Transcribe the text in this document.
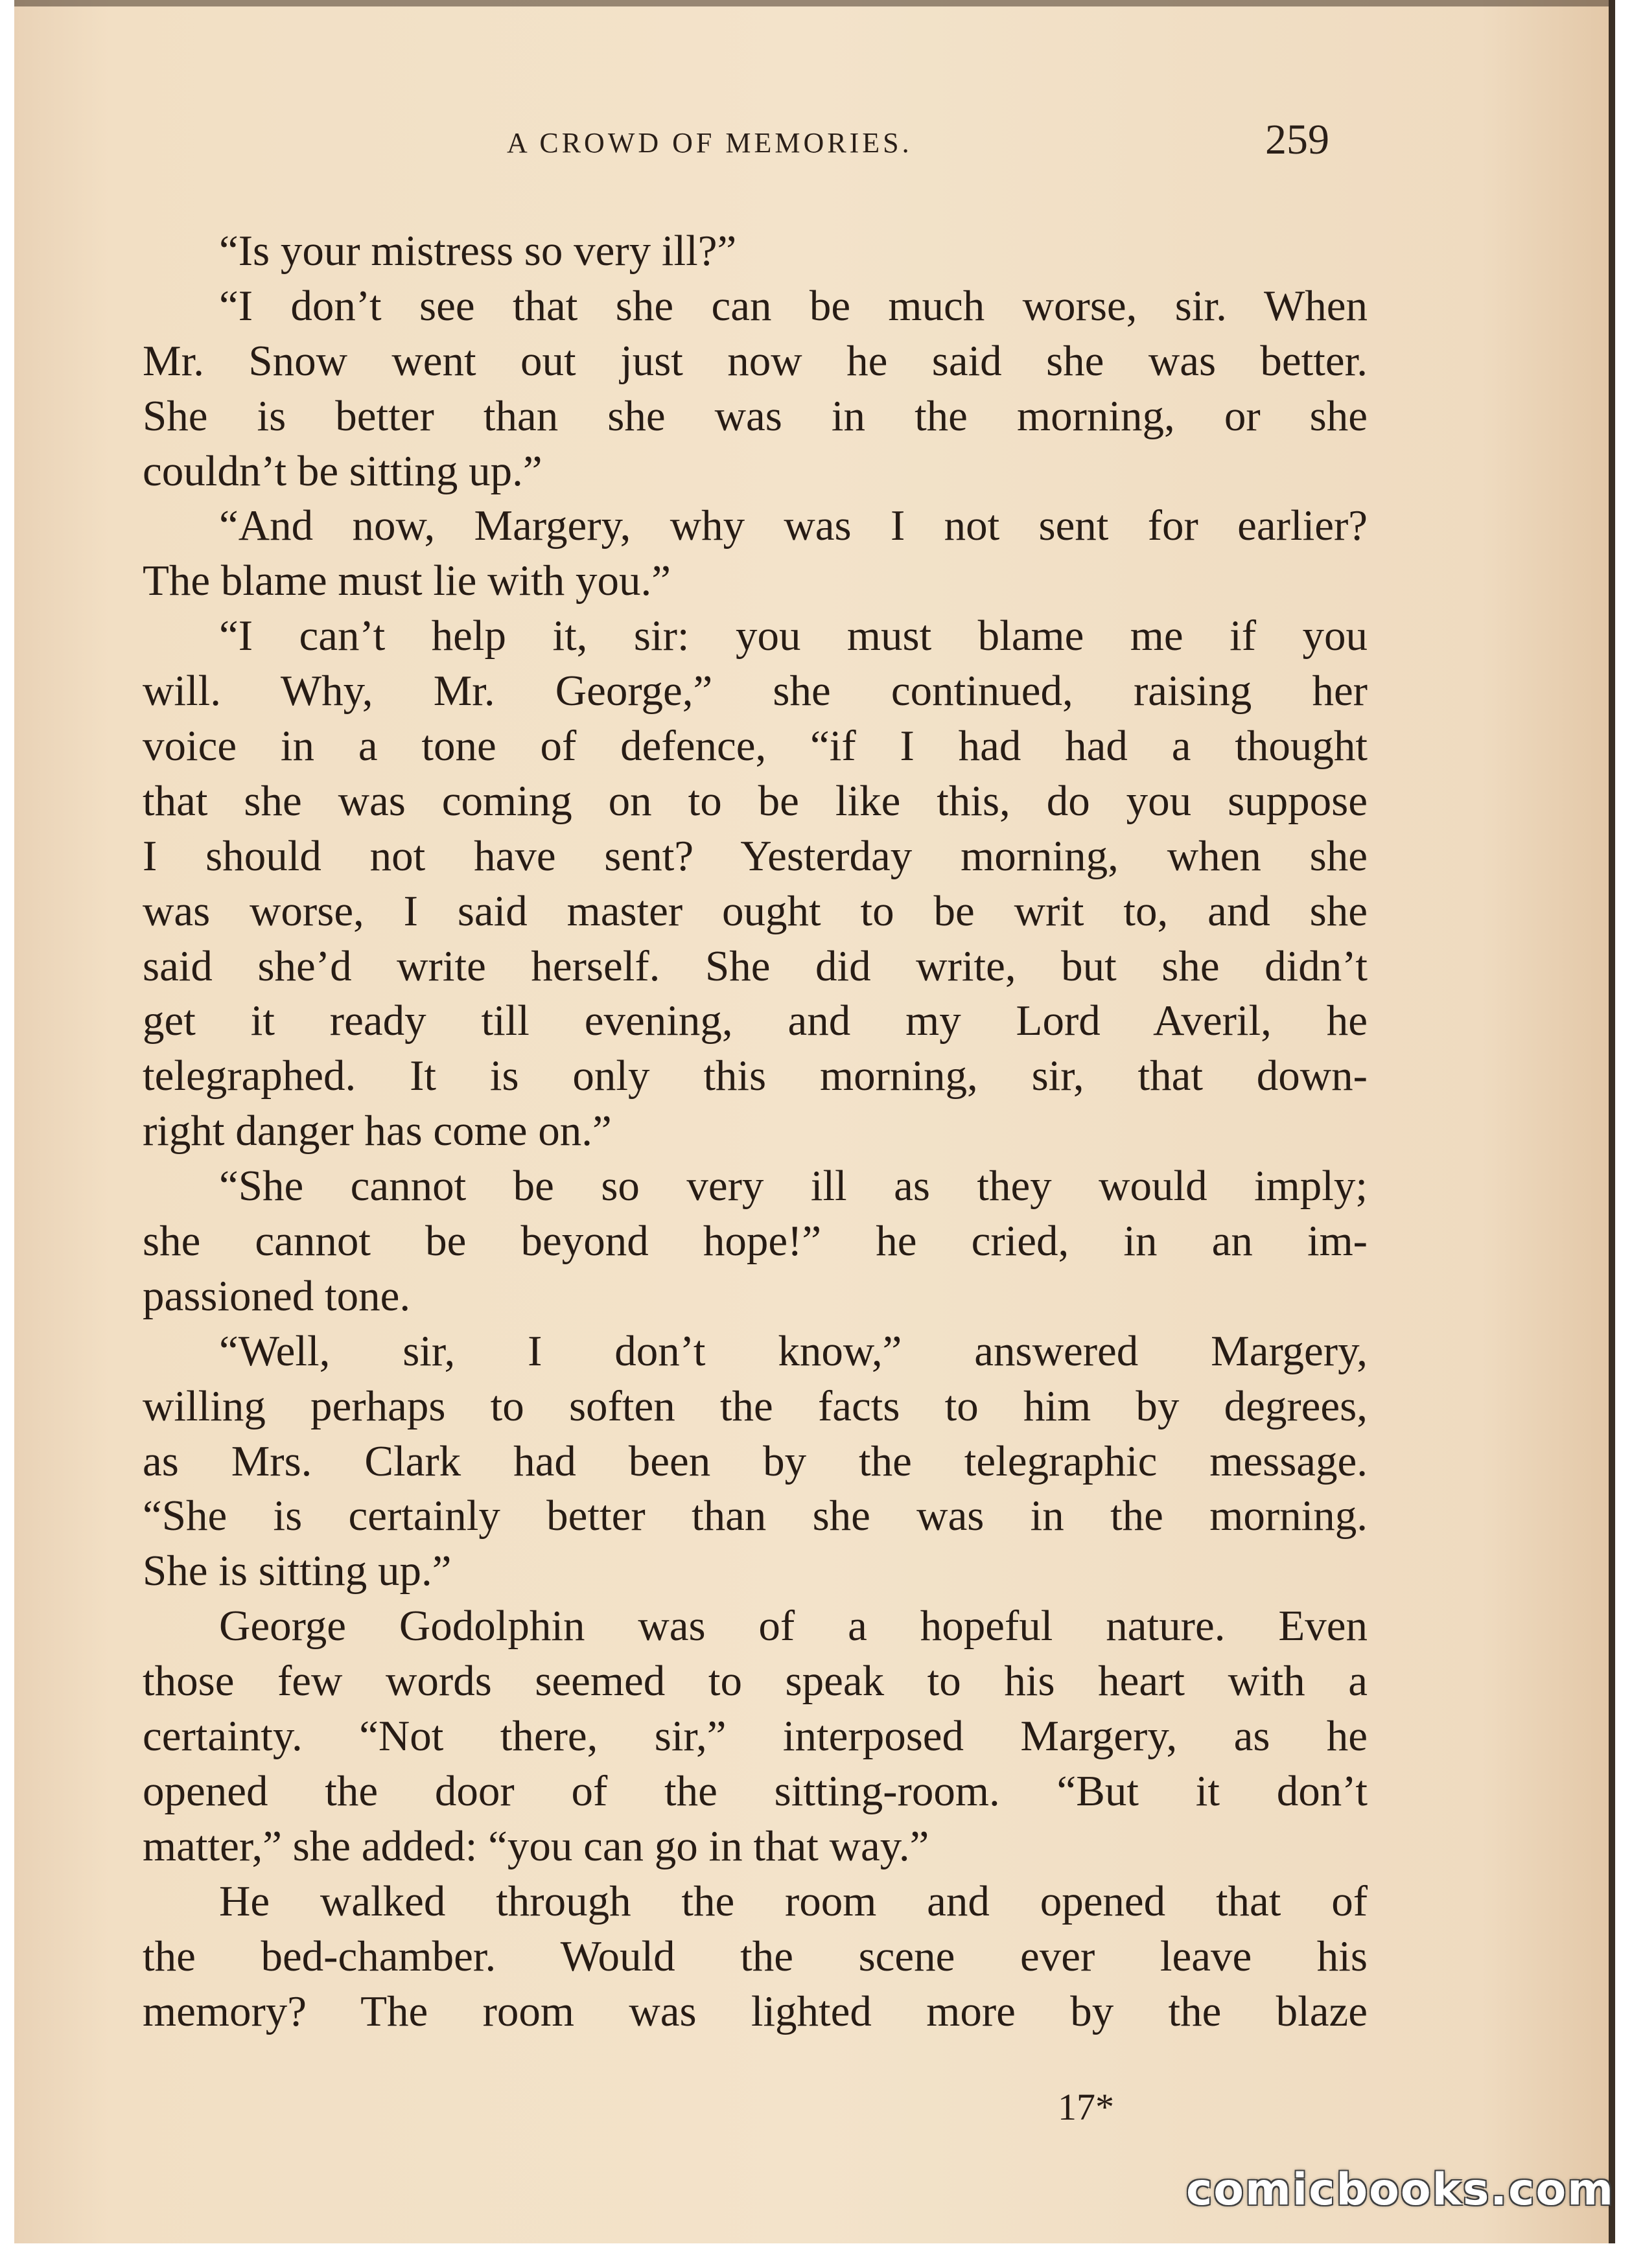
A CROWD OF MEMORIES.	259
“Is your mistress so very ill?”
“I don’t see that she can be much worse, sir. When
Mr. Snow went out just now he said she was better.
She is better than she was in the morning, or she
couldn’t be sitting up.”
“And now, Margery, why was I not sent for earlier?
The blame must lie with you.”
“I can’t help it, sir: you must blame me if you
will. Why, Mr. George,” she continued, raising her
voice in a tone of defence, “if I had had a thought
that she was coming on to be like this, do you suppose
I should not have sent? Yesterday morning, when she
was worse, I said master ought to be writ to, and she
said she’d write herself. She did write, but she didn’t
get it ready till evening, and my Lord Averil, he
telegraphed. It is only this morning, sir, that down-
right danger has come on.”
“She cannot be so very ill as they would imply;
she cannot be beyond hope!” he cried, in an im-
passioned tone.
“Well, sir, I don’t know,” answered Margery,
willing perhaps to soften the facts to him by degrees,
as Mrs. Clark had been by the telegraphic message.
“She is certainly better than she was in the morning.
She is sitting up.”
George Godolphin was of a hopeful nature. Even
those few words seemed to speak to his heart with a
certainty. “Not there, sir,” interposed Margery, as he
opened the door of the sitting-room. “But it don’t
matter,” she added: “you can go in that way.”
He walked through the room and opened that of
the bed-chamber. Would the scene ever leave his
memory? The room was lighted more by the blaze
17*
comicbooks.com
